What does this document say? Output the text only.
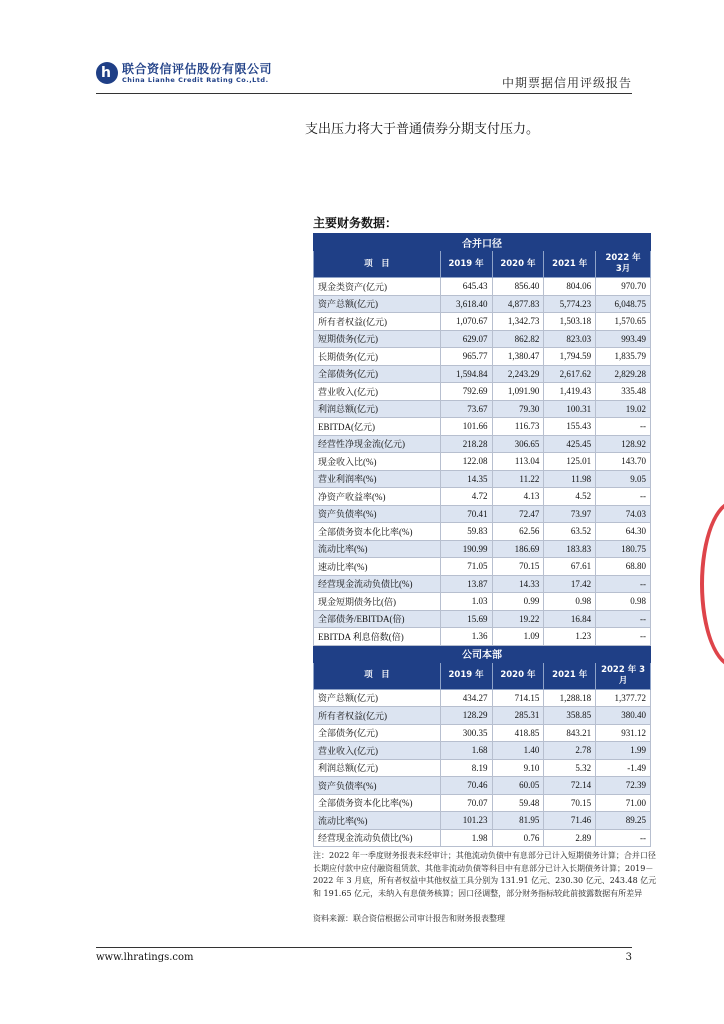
h 联合资信评估股份有限公司
China Lianhe Credit Rating Co.,Ltd.	中期票据信用评级报告
支出压力将大于普通债券分期支付压力。
主要财务数据：
合并口径				
项　目	2019 年	2020 年	2021 年	2022 年
3月
现金类资产(亿元)	645.43	856.40	804.06	970.70
资产总额(亿元)	3,618.40	4,877.83	5,774.23	6,048.75
所有者权益(亿元)	1,070.67	1,342.73	1,503.18	1,570.65
短期债务(亿元)	629.07	862.82	823.03	993.49
长期债务(亿元)	965.77	1,380.47	1,794.59	1,835.79
全部债务(亿元)	1,594.84	2,243.29	2,617.62	2,829.28
营业收入(亿元)	792.69	1,091.90	1,419.43	335.48
利润总额(亿元)	73.67	79.30	100.31	19.02
EBITDA(亿元)	101.66	116.73	155.43	--
经营性净现金流(亿元)	218.28	306.65	425.45	128.92
现金收入比(%)	122.08	113.04	125.01	143.70
营业利润率(%)	14.35	11.22	11.98	9.05
净资产收益率(%)	4.72	4.13	4.52	--
资产负债率(%)	70.41	72.47	73.97	74.03
全部债务资本化比率(%)	59.83	62.56	63.52	64.30
流动比率(%)	190.99	186.69	183.83	180.75
速动比率(%)	71.05	70.15	67.61	68.80
经营现金流动负债比(%)	13.87	14.33	17.42	--
现金短期债务比(倍)	1.03	0.99	0.98	0.98
全部债务/EBITDA(倍)	15.69	19.22	16.84	--
EBITDA 利息倍数(倍)	1.36	1.09	1.23	--
公司本部				
项　目	2019 年	2020 年	2021 年	2022 年 3
月
资产总额(亿元)	434.27	714.15	1,288.18	1,377.72
所有者权益(亿元)	128.29	285.31	358.85	380.40
全部债务(亿元)	300.35	418.85	843.21	931.12
营业收入(亿元)	1.68	1.40	2.78	1.99
利润总额(亿元)	8.19	9.10	5.32	-1.49
资产负债率(%)	70.46	60.05	72.14	72.39
全部债务资本化比率(%)	70.07	59.48	70.15	71.00
流动比率(%)	101.23	81.95	71.46	89.25
经营现金流动负债比(%)	1.98	0.76	2.89	--
注：2022 年一季度财务报表未经审计；其他流动负债中有息部分已计入短期债务计算；合并口径长期应付款中应付融资租赁款、其他非流动负债等科目中有息部分已计入长期债务计算；2019－2022 年 3 月底，所有者权益中其他权益工具分别为 131.91 亿元、230.30 亿元、243.48 亿元和 191.65 亿元，未纳入有息债务核算；因口径调整，部分财务指标较此前披露数据有所差异
资料来源：联合资信根据公司审计报告和财务报表整理
www.lhratings.com	3
